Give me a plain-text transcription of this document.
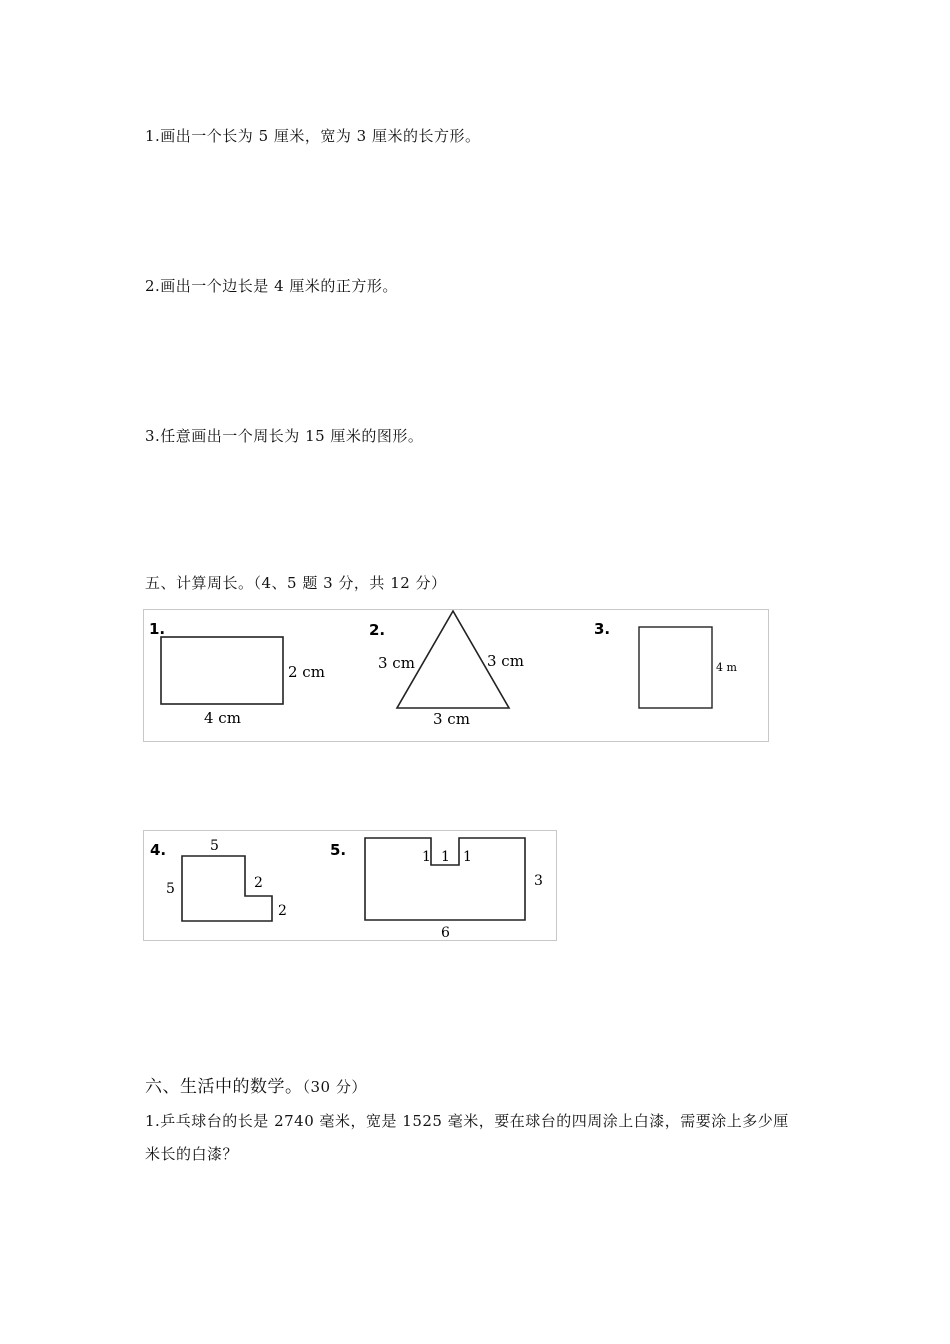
1.画出一个长为 5 厘米，宽为 3 厘米的长方形。
2.画出一个边长是 4 厘米的正方形。
3.任意画出一个周长为 15 厘米的图形。
五、计算周长。（4、5 题 3 分，共 12 分）
1.
2 cm
4 cm
2.
3 cm	3 cm
3 cm
3.
4 m
4.	5
5	2
2
5.	1 1 1
3
6
六、生活中的数学。（30 分）
1.乒乓球台的长是 2740 毫米，宽是 1525 毫米，要在球台的四周涂上白漆，需要涂上多少厘
米长的白漆？
